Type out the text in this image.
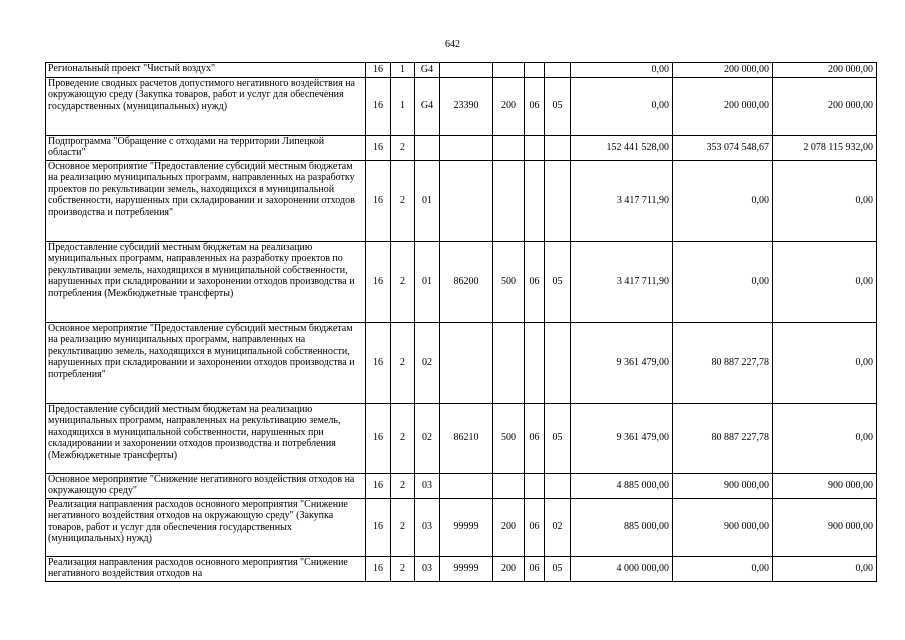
642
Региональный проект "Чистый воздух"	16	1	G4					0,00	200 000,00	200 000,00
Проведение сводных расчетов допустимого негативного воздействия на окружающую среду (Закупка товаров, работ и услуг для обеспечения государственных (муниципальных) нужд)	16	1	G4	23390	200	06	05	0,00	200 000,00	200 000,00
Подпрограмма "Обращение с отходами на территории Липецкой области"	16	2						152 441 528,00	353 074 548,67	2 078 115 932,00
Основное мероприятие "Предоставление субсидий местным бюджетам на реализацию муниципальных программ, направленных на разработку проектов по рекультивации земель, находящихся в муниципальной собственности, нарушенных при складировании и захоронении отходов производства и потребления"	16	2	01					3 417 711,90	0,00	0,00
Предоставление субсидий местным бюджетам на реализацию муниципальных программ, направленных на разработку проектов по рекультивации земель, находящихся в муниципальной собственности, нарушенных при складировании и захоронении отходов производства и потребления (Межбюджетные трансферты)	16	2	01	86200	500	06	05	3 417 711,90	0,00	0,00
Основное мероприятие "Предоставление субсидий местным бюджетам на реализацию муниципальных программ, направленных на рекультивацию земель, находящихся в муниципальной собственности, нарушенных при складировании и захоронении отходов производства и потребления"	16	2	02					9 361 479,00	80 887 227,78	0,00
Предоставление субсидий местным бюджетам на реализацию муниципальных программ, направленных на рекультивацию земель, находящихся в муниципальной собственности, нарушенных при складировании и захоронении отходов производства и потребления (Межбюджетные трансферты)	16	2	02	86210	500	06	05	9 361 479,00	80 887 227,78	0,00
Основное мероприятие "Снижение негативного воздействия отходов на окружающую среду"	16	2	03					4 885 000,00	900 000,00	900 000,00
Реализация направления расходов основного мероприятия "Снижение негативного воздействия отходов на окружающую среду" (Закупка товаров, работ и услуг для обеспечения государственных (муниципальных) нужд)	16	2	03	99999	200	06	02	885 000,00	900 000,00	900 000,00
Реализация направления расходов основного мероприятия "Снижение негативного воздействия отходов на	16	2	03	99999	200	06	05	4 000 000,00	0,00	0,00
